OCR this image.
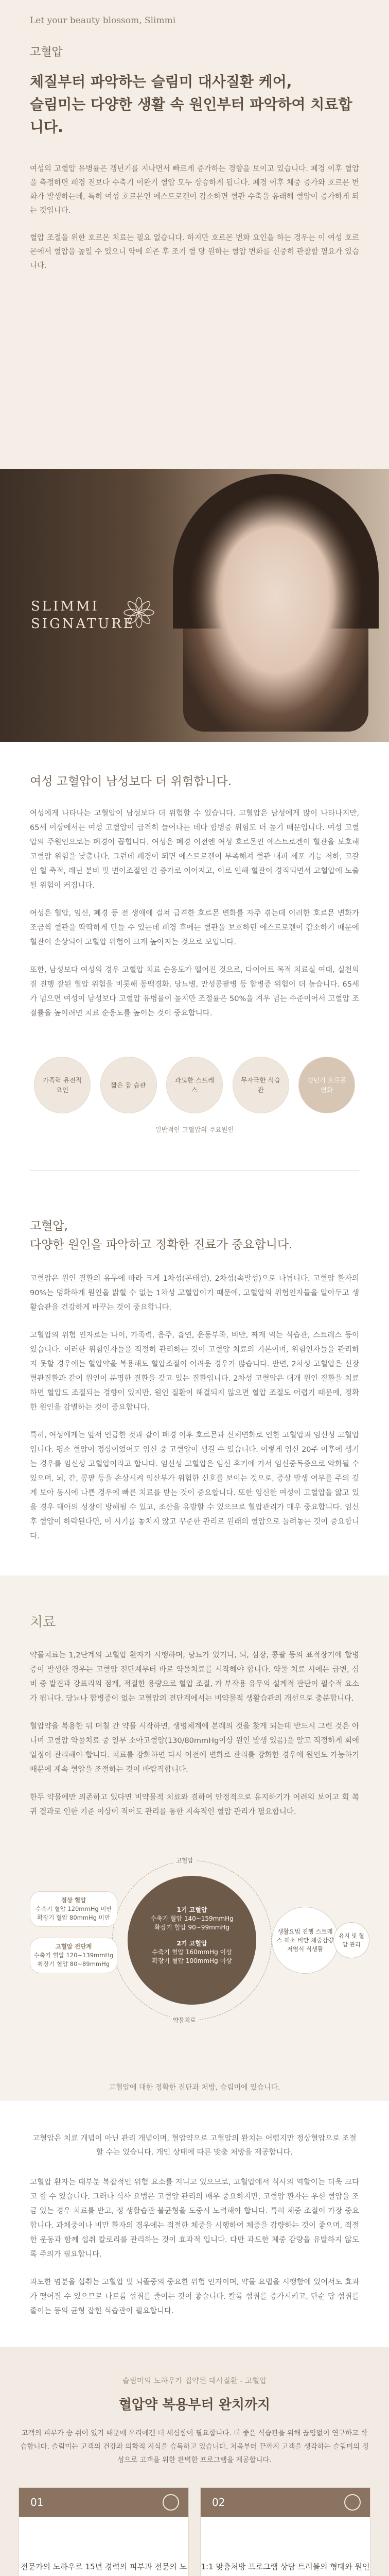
Let your beauty blossom, Slimmi
고혈압
체질부터 파악하는 슬림미 대사질환 케어,
슬림미는 다양한 생활 속 원인부터 파악하여 치료합니다.

여성의 고혈압 유병률은 갱년기를 지나면서 빠르게 증가하는 경향을 보이고 있습니다. 폐경 이후 혈압을 측정하면 폐경 전보다 수축기 이완기 혈압 모두 상승하게 됩니다. 폐경 이후 체중 증가와 호르몬 변화가 발생하는데, 특히 여성 호르몬인 에스트로겐이 감소하면 혈관 수축을 유래해 혈압이 증가하게 되는 것입니다.

혈압 조절을 위한 호르몬 치료는 필요 없습니다. 하지만 호르몬 변화 요인을 하는 경우는 이 여성 호르몬에서 혈압을 높일 수 있으니 약에 의존 후 조기 혈 당 원하는 혈압 변화를 신중히 관찰할 필요가 있습니다.

SLIMMI
SIGNATURE
여성 고혈압이 남성보다 더 위험합니다.

여성에게 나타나는 고혈압이 남성보다 더 위험할 수 있습니다. 고혈압은 남성에게 많이 나타나지만, 65세 이상에서는 여성 고혈압이 급격히 늘어나는 데다 합병증 위험도 더 높기 때문입니다. 여성 고혈압의 주원인으로는 폐경이 꼽힙니다. 여성은 폐경 이전엔 여성 호르몬인 에스트로겐이 혈관을 보호해 고혈압 위험을 낮춥니다. 그런데 폐경이 되면 에스트로겐이 부족해져 혈관 내피 세포 기능 저하, 고갈인 혈 축적, 레닌 분비 및 변이조절인 긴 증가로 이어지고, 이로 인해 혈관이 경직되면서 고혈압에 노출될 위험이 커집니다.

여성은 혈압, 임신, 폐경 등 전 생애에 걸쳐 급격한 호르몬 변화를 자주 겪는데 이러한 호르몬 변화가 조금씩 혈관을 딱딱하게 만들 수 있는데 폐경 후에는 혈관을 보호하던 에스트로겐이 감소하기 때문에 혈관이 손상되어 고혈압 위험이 크게 높아지는 것으로 보입니다.

또한, 남성보다 여성의 경우 고혈압 치료 순응도가 떨어진 것으로, 다이어트 목적 치료실 여대, 실천의 질 진행 잘된 혈압 위험을 비롯해 동맥경화, 당뇨병, 만성콩팥병 등 합병증 위험이 더 높습니다. 65세가 넘으면 여성이 남성보다 고혈압 유병률이 높지만 조절률은 50%을 겨우 넘는 수준이어서 고혈압 조절률을 높이려면 치료 순응도를 높이는 것이 중요합니다.

가족력 유전적 요인
짧은 잠 습관
과도한 스트레스
무자극한 식습관
갱년기 호르몬 변화
일반적인 고혈압의 주요원인
고혈압,
다양한 원인을 파악하고 정확한 진료가 중요합니다.

고혈압은 원인 질환의 유무에 따라 크게 1차성(본태성), 2차성(속발성)으로 나뉩니다. 고혈압 환자의 90%는 명확하게 원인을 밝힐 수 없는 1차성 고혈압이기 때문에, 고혈압의 위험인자들을 알아두고 생활습관을 건강하게 바꾸는 것이 중요합니다.

고혈압의 위험 인자로는 나이, 가족력, 음주, 흡연, 운동부족, 비만, 짜게 먹는 식습관, 스트레스 등이 있습니다. 이러한 위험인자들을 적절히 관리하는 것이 고혈압 치료의 기본이며, 위험인자들을 관리하지 못할 경우에는 혈압약을 복용해도 혈압조절이 어려운 경우가 많습니다. 반면, 2차성 고혈압은 신장 혈관질환과 같이 원인이 분명한 질환을 갖고 있는 질환입니다. 2차성 고혈압은 대개 원인 질환을 치료하면 혈압도 조절되는 경향이 있지만, 원인 질환이 해결되지 않으면 혈압 조절도 어렵기 때문에, 정확한 원인을 감별하는 것이 중요합니다.

특히, 여성에게는 앞서 언급한 것과 같이 폐경 이후 호르몬과 신체변화로 인한 고혈압과 임신성 고혈압입니다. 평소 혈압이 정상이었어도 임신 중 고혈압이 생길 수 있습니다. 이렇게 임신 20주 이후에 생기는 경우를 임신성 고혈압이라고 합니다. 임신성 고혈압은 임신 후기에 가서 임신중독증으로 악화될 수 있으며, 뇌, 간, 콩팥 등을 손상시켜 임산부가 위험한 신호를 보이는 것으로, 증상 발생 여부를 주의 깊게 보아 동시에 나쁜 경우에 빠른 치료를 받는 것이 중요합니다. 또한 임신한 여성이 고혈압을 앓고 있을 경우 태아의 성장이 방해될 수 있고, 조산을 유발할 수 있으므로 혈압관리가 매우 중요합니다. 임신 후 혈압이 하락된다면, 이 시기를 놓치지 않고 꾸준한 관리로 원래의 혈압으로 돌려놓는 것이 중요합니다.

치료

약물치료는 1,2단계의 고혈압 환자가 시행하며, 당뇨가 있거나, 뇌, 심장, 콩팥 등의 표적장기에 합병증이 발생한 경우는 고혈압 전단계부터 바로 약물치료를 시작해야 합니다. 약물 치료 시에는 급변, 심비 중 발견과 강표리의 점게, 적절한 용량으로 혈압 조절, 가 부작용 유무의 설계적 판단이 필수적 요소가 됩니다. 당뇨나 합병증이 없는 고혈압의 전단계에서는 비약물적 생활습관의 개선으로 충분합니다.

혈압약을 복용한 뒤 며칠 간 약물 시작하면, 생명체계에 본래의 것을 찾게 되는데 반드시 그런 것은 아니며 고혈압 약물치료 중 일부 소아고혈압(130/80mmHg이상 원인 발생 있음)을 알고 적정하게 회에 일정이 관리해야 합니다. 치료를 강화하면 다시 이전에 변화로 관리를 강화한 경우에 원인도 가능하기 때문에 계속 혈압을 조절하는 것이 바람직합니다.

한두 약물에만 의존하고 있다면 비약물적 치료와 겸하여 안정적으로 유지하기가 어려워 보이고 회 복귀 결과로 인한 기준 이상이 적어도 관리를 통한 지속적인 혈압 관리가 필요합니다.

고혈압
약물치료
정상 혈압
수축기 혈압 120mmHg 미만
확장기 혈압 80mmHg 미만
고혈압 전단계
수축기 혈압 120~139mmHg
확장기 혈압 80~89mmHg
1기 고혈압
수축기 혈압 140~159mmHg
확장기 혈압 90~99mmHg
2기 고혈압
수축기 혈압 160mmHg 이상
확장기 혈압 100mmHg 이상
생활요법 진행 스트레스 해소 비만 체중감량 저염식 식생활
유지 및 혈압 관리
고혈압에 대한 정확한 진단과 처방, 슬림미에 있습니다.

고혈압은 치료 개념이 아닌 관리 개념이며, 혈압약으로 고혈압의 완치는 어렵지만 정상혈압으로 조절할 수는 있습니다. 개인 상태에 따른 맞춤 처방을 제공합니다.

고혈압 환자는 대부분 복잡적인 위험 요소를 지니고 있으므로, 고혈압에서 식사의 역할이는 더욱 크다고 할 수 있습니다. 그러나 식사 요법은 고혈압 관리의 매우 중요하지만, 고혈압 환자는 우선 혈압을 조금 있는 경우 치료를 받고, 정 생활습관 불균형을 도중시 노력해야 합니다. 특히 체중 조절이 가장 중요합니다. 과체중이나 비만 환자의 경우에는 적절한 체중을 시행하여 체중을 감량하는 것이 좋으며, 적절한 운동과 함께 섭취 칼로리를 관리하는 것이 효과적 입니다. 다만 과도한 체중 감량을 유발하지 않도록 주의가 필요합니다.

과도한 염분을 섭취는 고혈압 및 뇌졸중의 중요한 위험 인자이며, 약물 요법을 시행함에 있어서도 효과가 떨어질 수 있으므로 나트륨 섭취를 줄이는 것이 좋습니다. 칼륨 섭취를 증가시키고, 단순 당 섭취를 줄이는 등의 균형 잡힌 식습관이 필요합니다.

슬림미의 노하우가 집약된 대사질환 - 고혈압
혈압약 복용부터 완치까지
고객의 피부가 숨 쉬어 있기 때문에 우리에겐 더 세심함이 필요합니다. 더 좋은 식습관을 위해 끊임없이 연구하고 학습합니다. 슬림미는 고객의 건강과 의학적 지식을 습득하고 있습니다. 처음부터 끝까지 고객을 생각하는 슬림미의 정성으로 고객을 위한 완벽한 프로그램을 제공합니다.
01
전문가의 노하우로 15년 경력의 피부과 전문의 노
02
1:1 맞춤처방 프로그램 상담 트러블의 형태와 원인
